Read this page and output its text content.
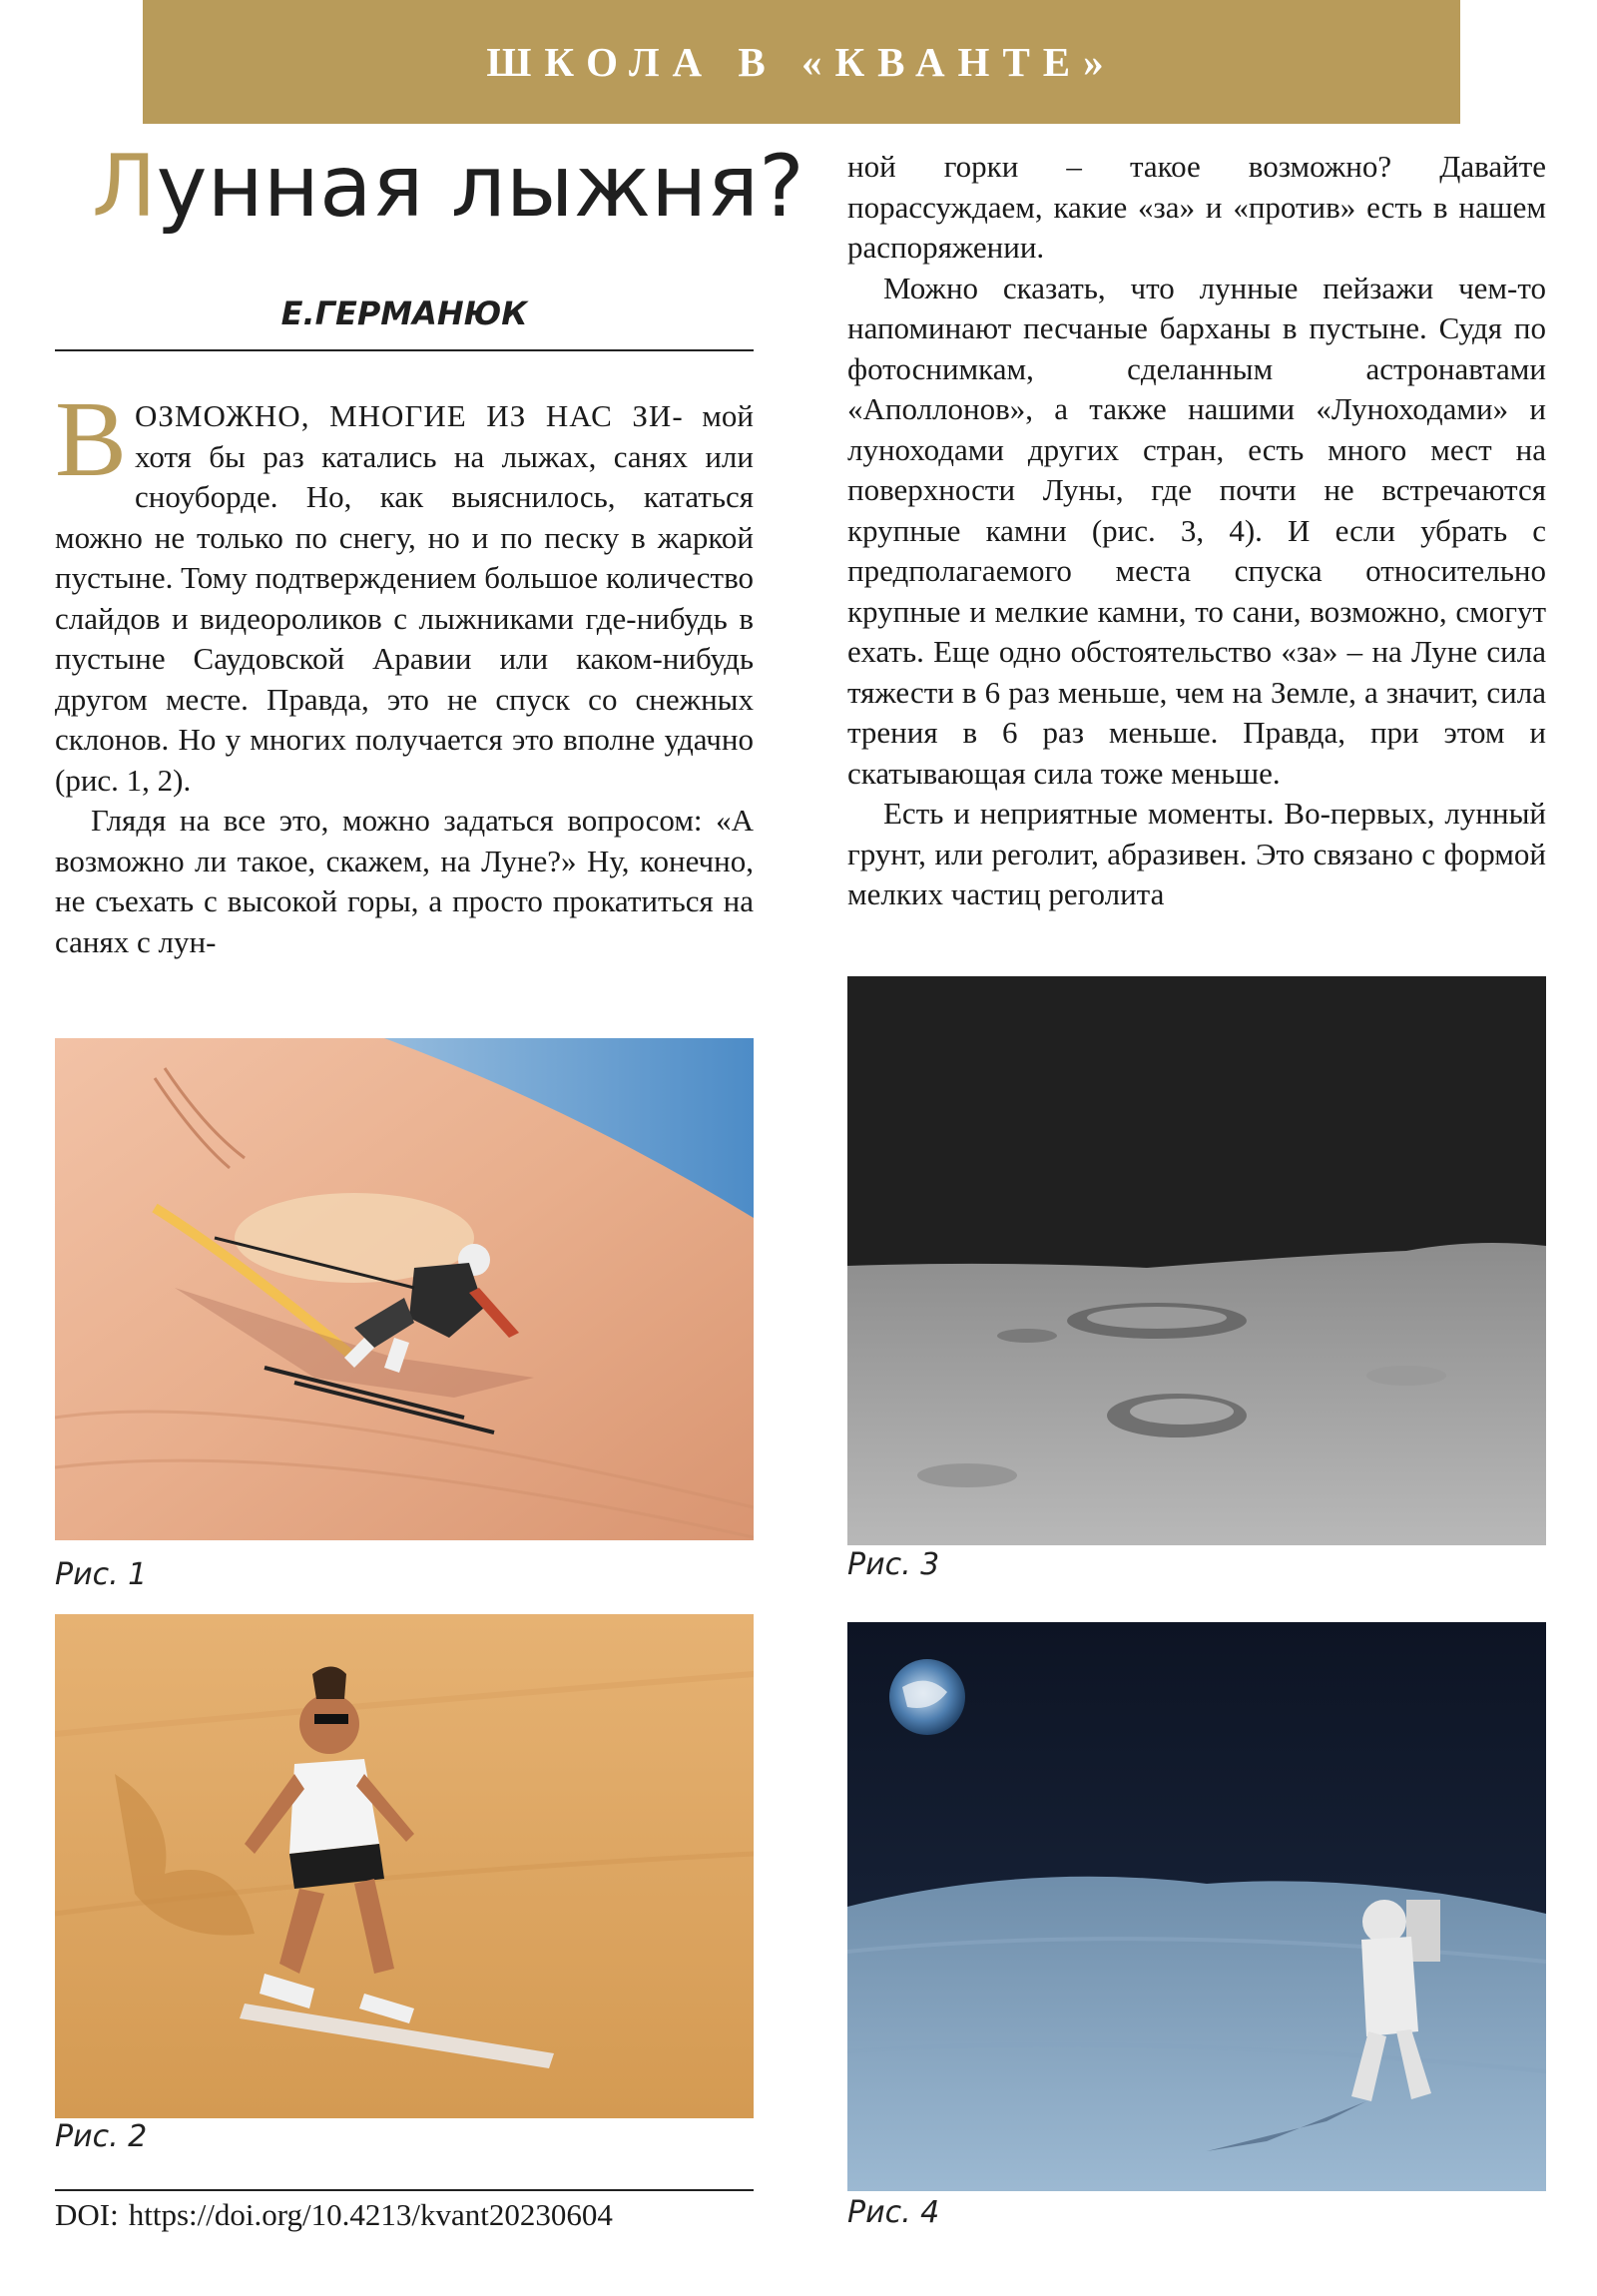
ШКОЛА В «КВАНТЕ»
Лунная лыжня?
Е.ГЕРМАНЮК

ВОЗМОЖНО, МНОГИЕ ИЗ НАС ЗИ- мой хотя бы раз катались на лыжах, санях или сноуборде. Но, как выяснилось, кататься можно не только по снегу, но и по песку в жаркой пустыне. Тому подтверждением большое количество слайдов и видеороликов с лыжниками где-нибудь в пустыне Саудовской Аравии или каком-нибудь другом месте. Правда, это не спуск со снежных склонов. Но у многих получается это вполне удачно (рис. 1, 2).

Глядя на все это, можно задаться вопросом: «А возможно ли такое, скажем, на Луне?» Ну, конечно, не съехать с высокой горы, а просто прокатиться на санях с лун-

ной горки – такое возможно? Давайте порассуждаем, какие «за» и «против» есть в нашем распоряжении.

Можно сказать, что лунные пейзажи чем-то напоминают песчаные барханы в пустыне. Судя по фотоснимкам, сделанным астронавтами «Аполлонов», а также нашими «Луноходами» и луноходами других стран, есть много мест на поверхности Луны, где почти не встречаются крупные камни (рис. 3, 4). И если убрать с предполагаемого места спуска относительно крупные и мелкие камни, то сани, возможно, смогут ехать. Еще одно обстоятельство «за» – на Луне сила тяжести в 6 раз меньше, чем на Земле, а значит, сила трения в 6 раз меньше. Правда, при этом и скатывающая сила тоже меньше.

Есть и неприятные моменты. Во-первых, лунный грунт, или реголит, абразивен. Это связано с формой мелких частиц реголита

Рис. 1
Рис. 2
DOI: https://doi.org/10.4213/kvant20230604
Рис. 3
Рис. 4
